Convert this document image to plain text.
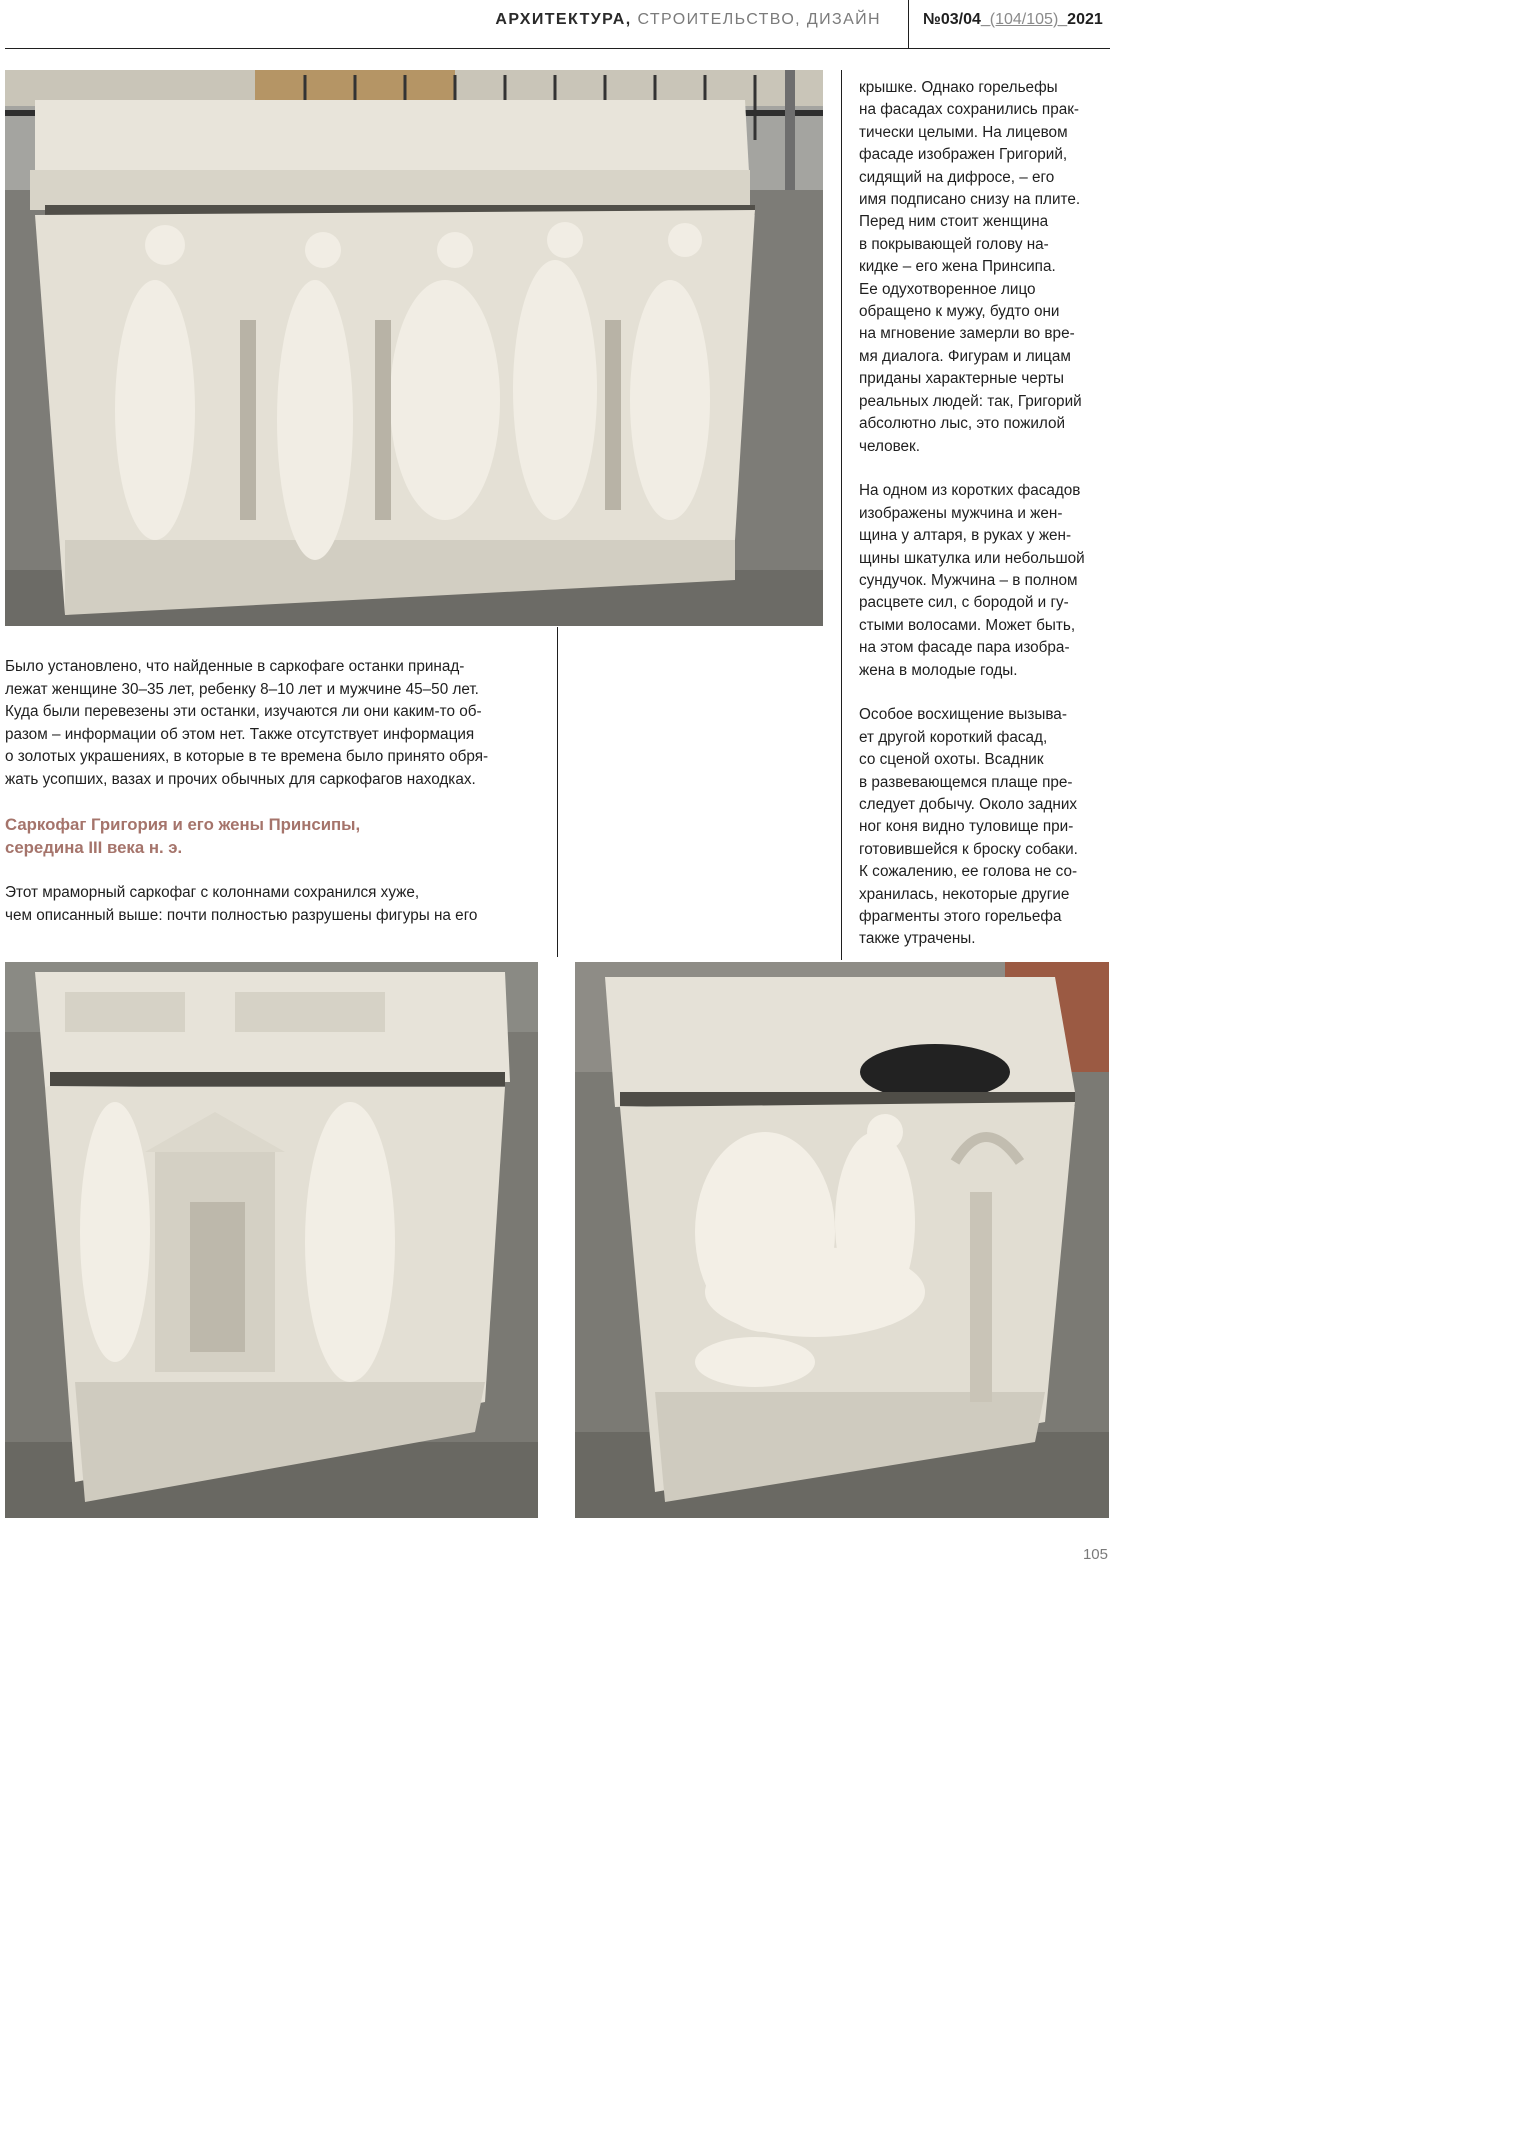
АРХИТЕКТУРА, СТРОИТЕЛЬСТВО, ДИЗАЙН	№03/04_(104/105)_2021

Было установлено, что найденные в саркофаге останки принад-
лежат женщине 30–35 лет, ребенку 8–10 лет и мужчине 45–50 лет.
Куда были перевезены эти останки, изучаются ли они каким-то об-
разом – информации об этом нет. Также отсутствует информация
о золотых украшениях, в которые в те времена было принято обря-
жать усопших, вазах и прочих обычных для саркофагов находках.

Саркофаг Григория и его жены Принсипы,
середина III века н. э.

Этот мраморный саркофаг с колоннами сохранился хуже,
чем описанный выше: почти полностью разрушены фигуры на его

крышке. Однако горельефы
на фасадах сохранились прак-
тически целыми. На лицевом
фасаде изображен Григорий,
сидящий на дифросе, – его
имя подписано снизу на плите.
Перед ним стоит женщина
в покрывающей голову на-
кидке – его жена Принсипа.
Ее одухотворенное лицо
обращено к мужу, будто они
на мгновение замерли во вре-
мя диалога. Фигурам и лицам
приданы характерные черты
реальных людей: так, Григорий
абсолютно лыс, это пожилой
человек.

На одном из коротких фасадов
изображены мужчина и жен-
щина у алтаря, в руках у жен-
щины шкатулка или небольшой
сундучок. Мужчина – в полном
расцвете сил, с бородой и гу-
стыми волосами. Может быть,
на этом фасаде пара изобра-
жена в молодые годы.

Особое восхищение вызыва-
ет другой короткий фасад,
со сценой охоты. Всадник
в развевающемся плаще пре-
следует добычу. Около задних
ног коня видно туловище при-
готовившейся к броску собаки.
К сожалению, ее голова не со-
хранилась, некоторые другие
фрагменты этого горельефа
также утрачены.

105
